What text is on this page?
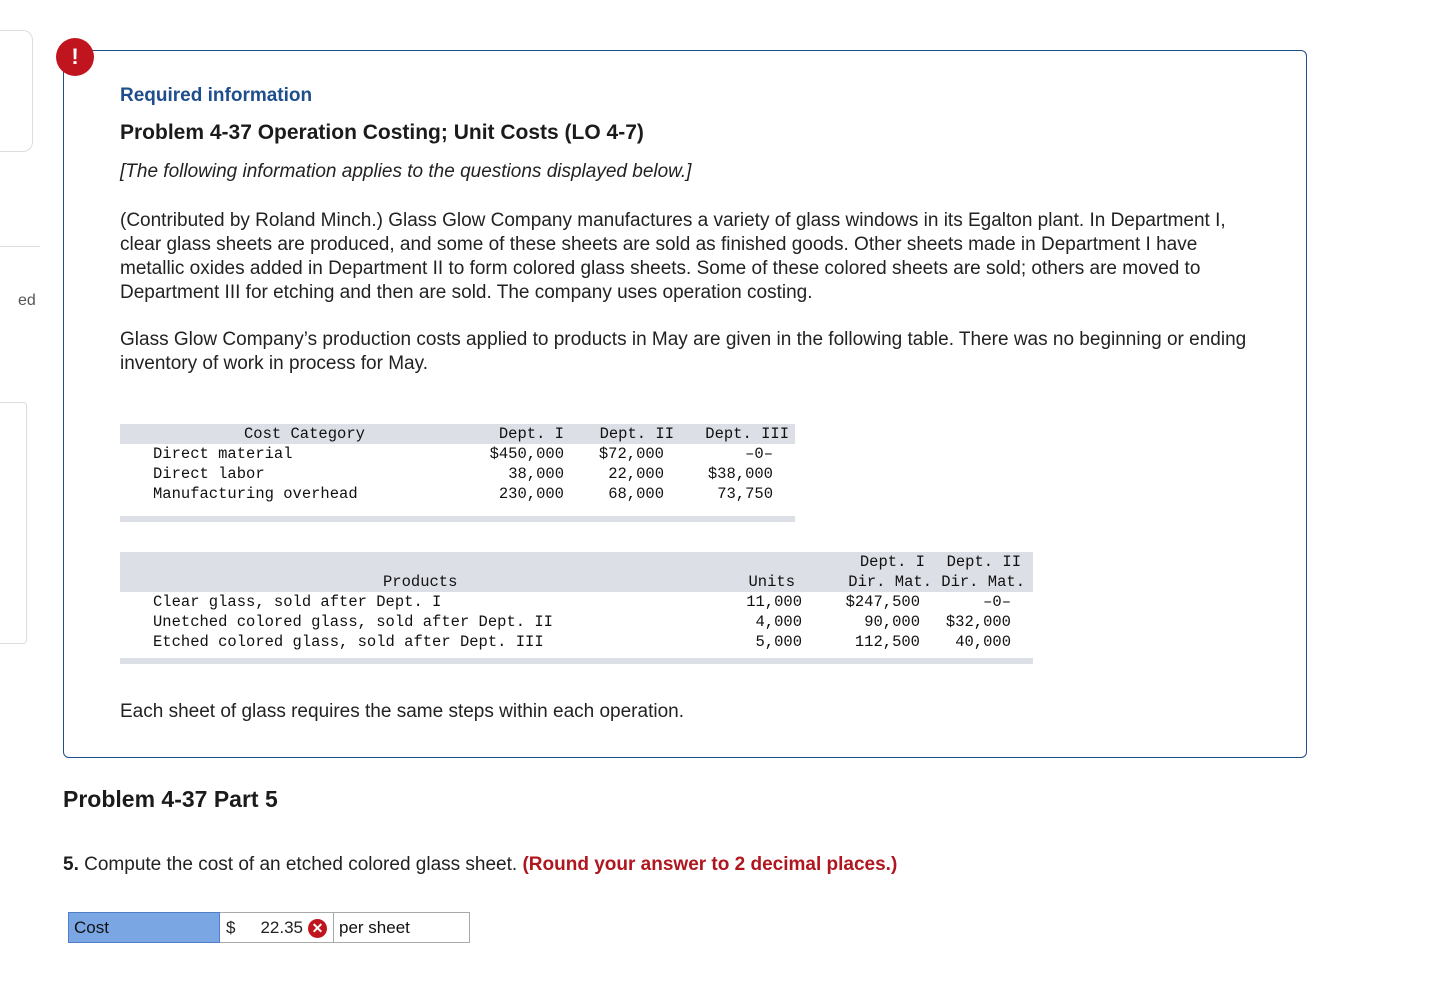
ed
!
Required information
Problem 4-37 Operation Costing; Unit Costs (LO 4-7)
[The following information applies to the questions displayed below.]
(Contributed by Roland Minch.) Glass Glow Company manufactures a variety of glass windows in its Egalton plant. In Department I, clear glass sheets are produced, and some of these sheets are sold as finished goods. Other sheets made in Department I have metallic oxides added in Department II to form colored glass sheets. Some of these colored sheets are sold; others are moved to Department III for etching and then are sold. The company uses operation costing.
Glass Glow Company’s production costs applied to products in May are given in the following table. There was no beginning or ending inventory of work in process for May.
Cost Category	Dept. I	Dept. II	Dept. III
Direct material	$450,000	$72,000	–0–
Direct labor	38,000	22,000	$38,000
Manufacturing overhead	230,000	68,000	73,750

		Dept. I	Dept. II
Products	Units	Dir. Mat.	Dir. Mat.
Clear glass, sold after Dept. I	11,000	$247,500	–0–
Unetched colored glass, sold after Dept. II	4,000	90,000	$32,000
Etched colored glass, sold after Dept. III	5,000	112,500	40,000

Each sheet of glass requires the same steps within each operation.
Problem 4-37 Part 5
5. Compute the cost of an etched colored glass sheet. (Round your answer to 2 decimal places.)
Cost	$ 22.35 ✕ per sheet
